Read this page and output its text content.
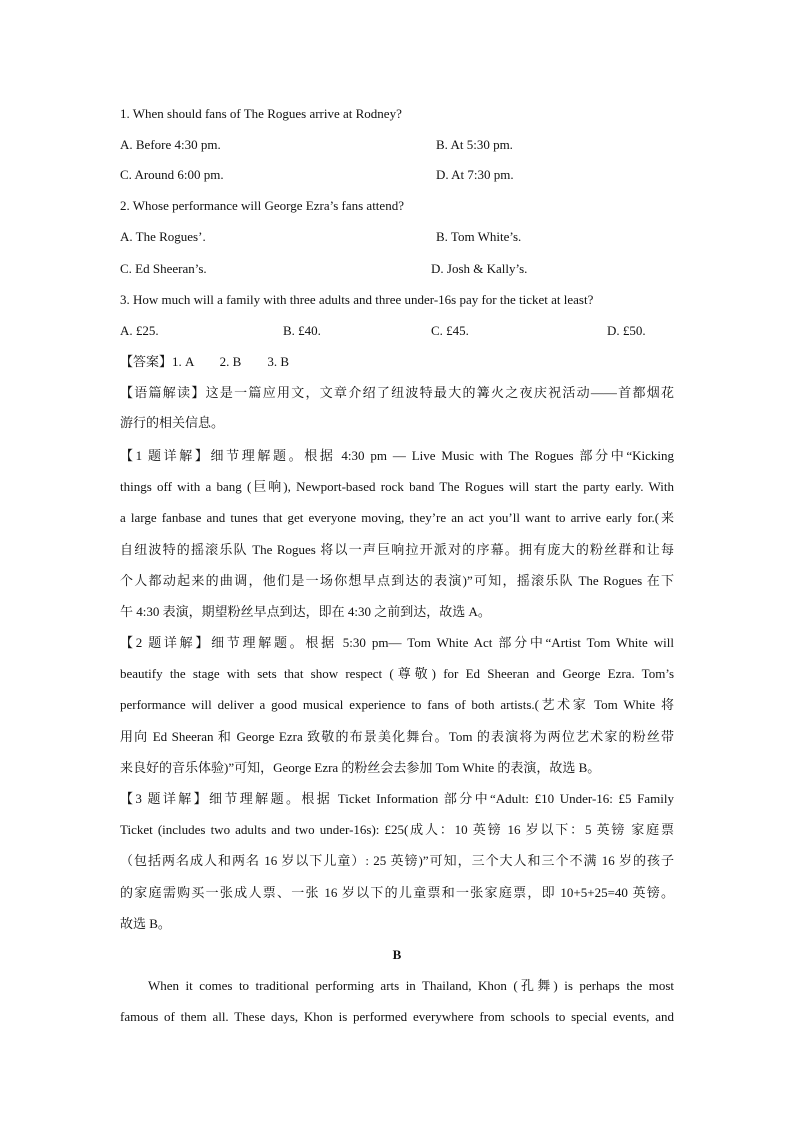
1. When should fans of The Rogues arrive at Rodney?
A. Before 4:30 pm.	B. At 5:30 pm.
C. Around 6:00 pm.	D. At 7:30 pm.
2. Whose performance will George Ezra’s fans attend?
A. The Rogues’.	B. Tom White’s.
C. Ed Sheeran’s.	D. Josh & Kally’s.
3. How much will a family with three adults and three under-16s pay for the ticket at least?
A. £25.	B. £40.	C. £45.	D. £50.
【答案】1. A　　2. B　　3. B
【语篇解读】这是一篇应用文，文章介绍了纽波特最大的篝火之夜庆祝活动——首都烟花
游行的相关信息。
【1 题详解】细节理解题。根据 4:30 pm — Live Music with The Rogues 部分中“Kicking
things off with a bang (巨响), Newport-based rock band The Rogues will start the party early. With
a large fanbase and tunes that get everyone moving, they’re an act you’ll want to arrive early for.(来
自纽波特的摇滚乐队 The Rogues 将以一声巨响拉开派对的序幕。拥有庞大的粉丝群和让每
个人都动起来的曲调，他们是一场你想早点到达的表演)”可知，摇滚乐队 The Rogues 在下
午 4:30 表演，期望粉丝早点到达，即在 4:30 之前到达，故选 A。
【2 题详解】细节理解题。根据 5:30 pm— Tom White Act 部分中“Artist Tom White will
beautify the stage with sets that show respect (尊敬) for Ed Sheeran and George Ezra. Tom’s
performance will deliver a good musical experience to fans of both artists.(艺术家 Tom White 将
用向 Ed Sheeran 和 George Ezra 致敬的布景美化舞台。Tom 的表演将为两位艺术家的粉丝带
来良好的音乐体验)”可知，George Ezra 的粉丝会去参加 Tom White 的表演，故选 B。
【3 题详解】细节理解题。根据 Ticket Information 部分中“Adult: £10 Under-16: £5 Family
Ticket (includes two adults and two under-16s): £25(成人：10 英镑 16 岁以下：5 英镑 家庭票
（包括两名成人和两名 16 岁以下儿童）: 25 英镑)”可知，三个大人和三个不满 16 岁的孩子
的家庭需购买一张成人票、一张 16 岁以下的儿童票和一张家庭票，即 10+5+25=40 英镑。
故选 B。
B
When it comes to traditional performing arts in Thailand, Khon (孔舞) is perhaps the most
famous of them all. These days, Khon is performed everywhere from schools to special events, and
